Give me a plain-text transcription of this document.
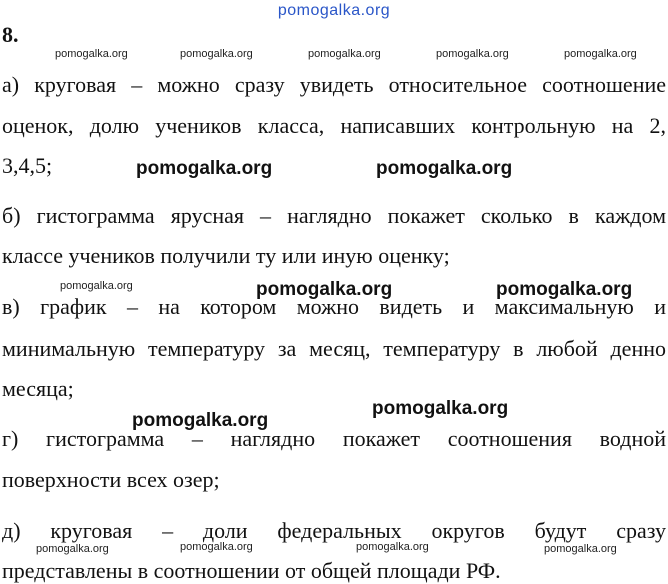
pomogalka.org
8.
pomogalka.org	pomogalka.org	pomogalka.org	pomogalka.org	pomogalka.org
а) круговая – можно сразу увидеть относительное соотношение
оценок, долю учеников класса, написавших контрольную на 2,
3,4,5;
б) гистограмма ярусная – наглядно покажет сколько в каждом
классе учеников получили ту или иную оценку;
в) график – на котором можно видеть и максимальную и
минимальную температуру за месяц, температуру в любой денно
месяца;
г) гистограмма – наглядно покажет соотношения водной
поверхности всех озер;
д) круговая – доли федеральных округов будут сразу
представлены в соотношении от общей площади РФ.
pomogalka.org	pomogalka.org
pomogalka.org	pomogalka.org
pomogalka.org
pomogalka.org
pomogalka.org
pomogalka.org	pomogalka.org	pomogalka.org	pomogalka.org
